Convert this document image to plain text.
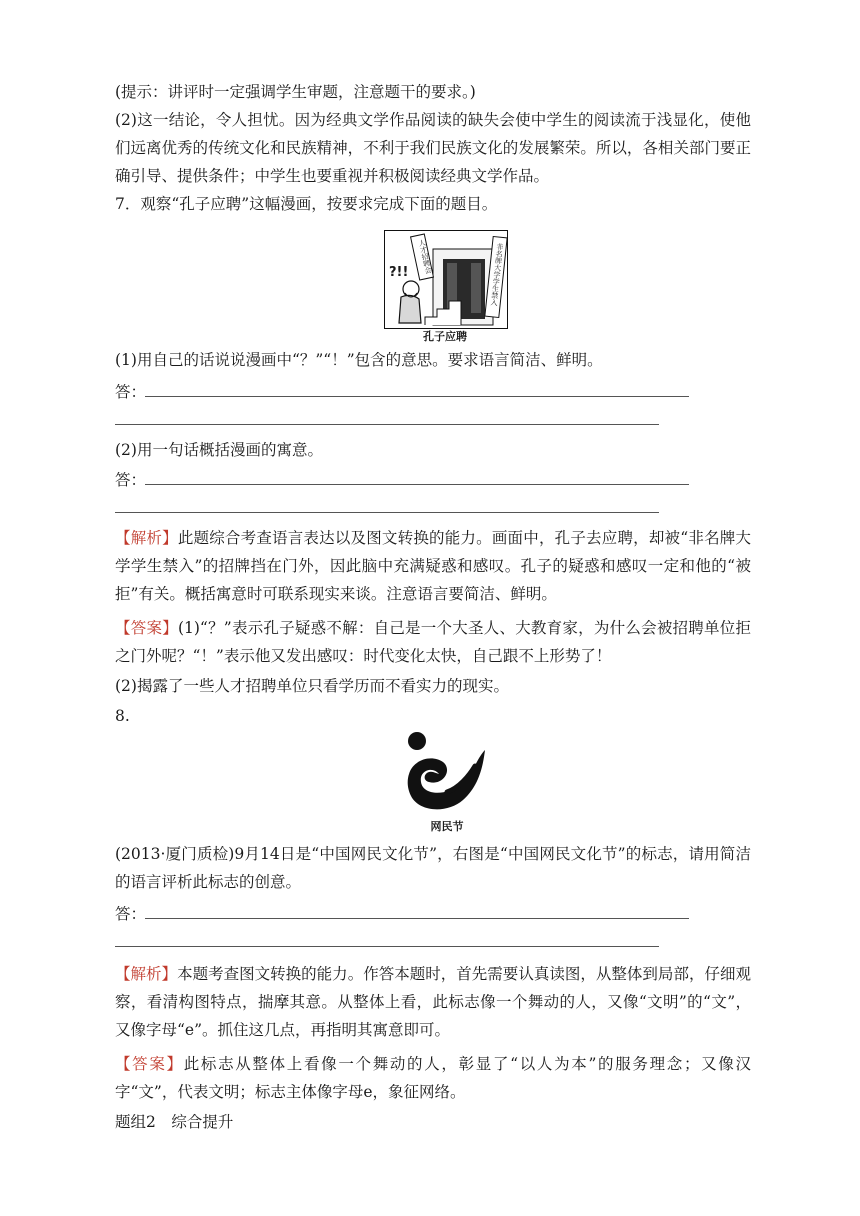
(提示：讲评时一定强调学生审题，注意题干的要求。)

(2)这一结论，令人担忧。因为经典文学作品阅读的缺失会使中学生的阅读流于浅显化，使他们远离优秀的传统文化和民族精神，不利于我们民族文化的发展繁荣。所以，各相关部门要正确引导、提供条件；中学生也要重视并积极阅读经典文学作品。

7．观察“孔子应聘”这幅漫画，按要求完成下面的题目。

?!! 人才招聘会	非名牌大学学生禁入
孔子应聘

(1)用自己的话说说漫画中“？”“！”包含的意思。要求语言简洁、鲜明。

答：

(2)用一句话概括漫画的寓意。

答：

【解析】此题综合考查语言表达以及图文转换的能力。画面中，孔子去应聘，却被“非名牌大学学生禁入”的招牌挡在门外，因此脑中充满疑惑和感叹。孔子的疑惑和感叹一定和他的“被拒”有关。概括寓意时可联系现实来谈。注意语言要简洁、鲜明。

【答案】(1)“？”表示孔子疑惑不解：自己是一个大圣人、大教育家，为什么会被招聘单位拒之门外呢？“！”表示他又发出感叹：时代变化太快，自己跟不上形势了！

(2)揭露了一些人才招聘单位只看学历而不看实力的现实。

8.

网民节

(2013·厦门质检)9月14日是“中国网民文化节”，右图是“中国网民文化节”的标志，请用简洁的语言评析此标志的创意。

答：

【解析】本题考查图文转换的能力。作答本题时，首先需要认真读图，从整体到局部，仔细观察，看清构图特点，揣摩其意。从整体上看，此标志像一个舞动的人，又像“文明”的“文”，又像字母“e”。抓住这几点，再指明其寓意即可。

【答案】此标志从整体上看像一个舞动的人，彰显了“以人为本”的服务理念；又像汉字“文”，代表文明；标志主体像字母e，象征网络。

题组2　综合提升
